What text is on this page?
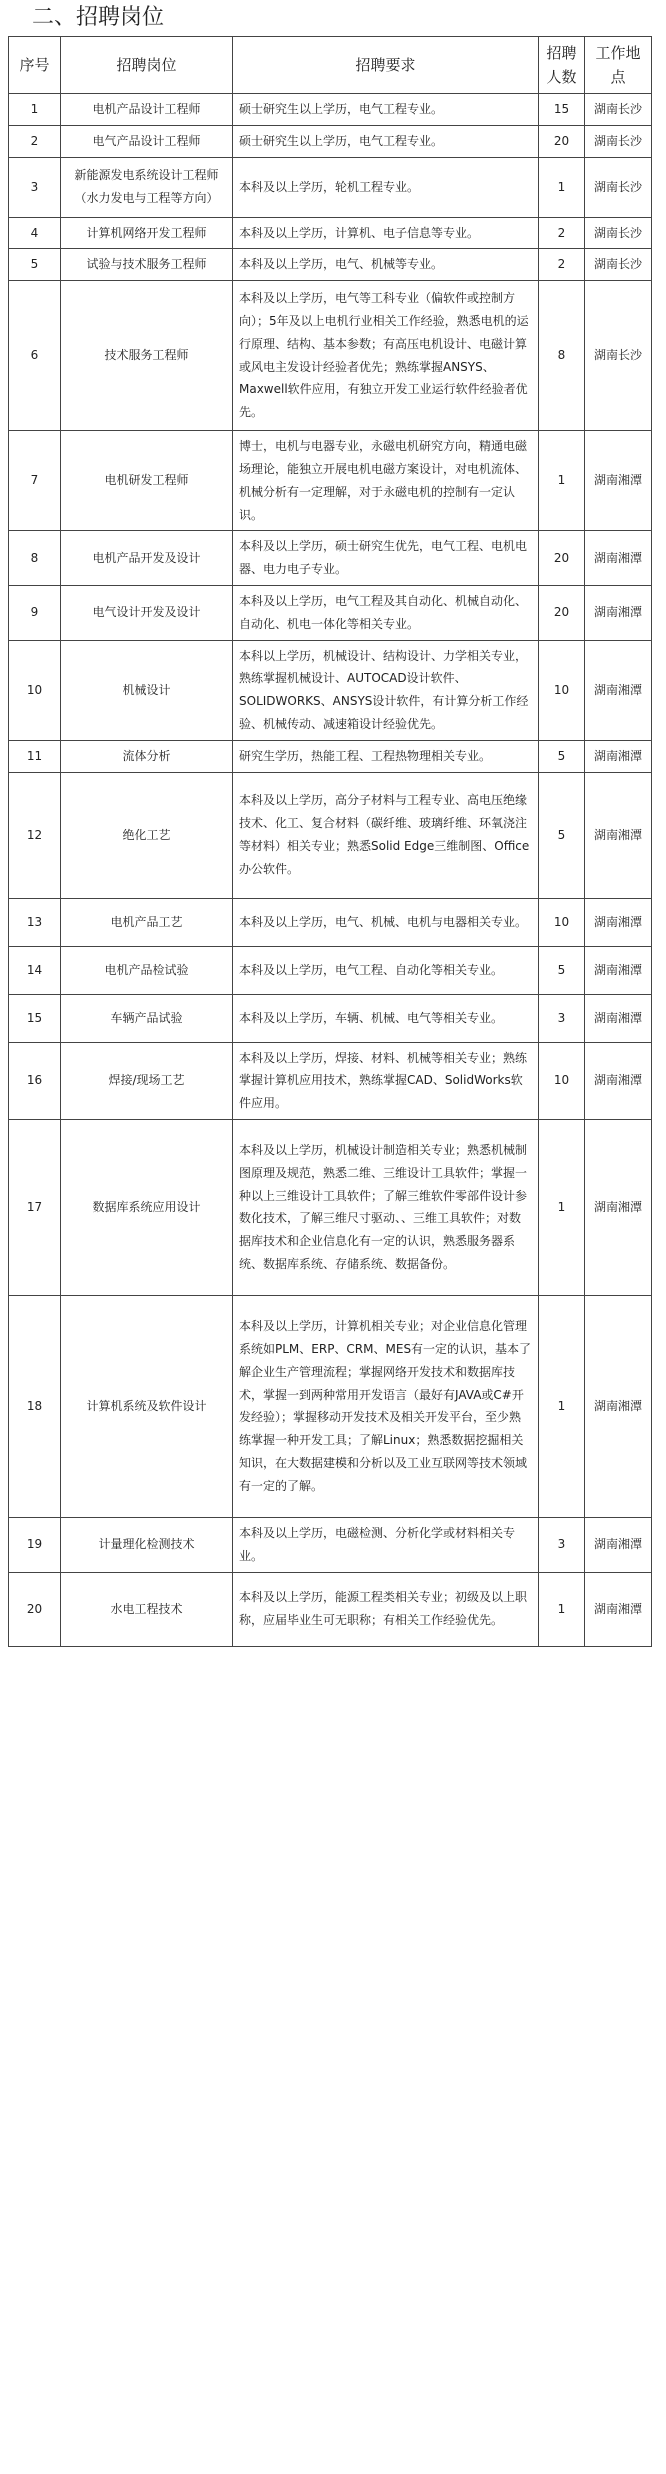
二、招聘岗位
序号	招聘岗位	招聘要求	招聘人数	工作地点
1	电机产品设计工程师	硕士研究生以上学历，电气工程专业。	15	湖南长沙
2	电气产品设计工程师	硕士研究生以上学历，电气工程专业。	20	湖南长沙
3	新能源发电系统设计工程师（水力发电与工程等方向）	本科及以上学历，轮机工程专业。	1	湖南长沙
4	计算机网络开发工程师	本科及以上学历，计算机、电子信息等专业。	2	湖南长沙
5	试验与技术服务工程师	本科及以上学历，电气、机械等专业。	2	湖南长沙
6	技术服务工程师	本科及以上学历，电气等工科专业（偏软件或控制方向）；5年及以上电机行业相关工作经验，熟悉电机的运行原理、结构、基本参数；有高压电机设计、电磁计算或风电主发设计经验者优先；熟练掌握ANSYS、Maxwell软件应用，有独立开发工业运行软件经验者优先。	8	湖南长沙
7	电机研发工程师	博士，电机与电器专业，永磁电机研究方向，精通电磁场理论，能独立开展电机电磁方案设计，对电机流体、机械分析有一定理解，对于永磁电机的控制有一定认识。	1	湖南湘潭
8	电机产品开发及设计	本科及以上学历，硕士研究生优先，电气工程、电机电器、电力电子专业。	20	湖南湘潭
9	电气设计开发及设计	本科及以上学历，电气工程及其自动化、机械自动化、自动化、机电一体化等相关专业。	20	湖南湘潭
10	机械设计	本科以上学历，机械设计、结构设计、力学相关专业，熟练掌握机械设计、AUTOCAD设计软件、SOLIDWORKS、ANSYS设计软件，有计算分析工作经验、机械传动、减速箱设计经验优先。	10	湖南湘潭
11	流体分析	研究生学历，热能工程、工程热物理相关专业。	5	湖南湘潭
12	绝化工艺	本科及以上学历，高分子材料与工程专业、高电压绝缘技术、化工、复合材料（碳纤维、玻璃纤维、环氧浇注等材料）相关专业；熟悉Solid Edge三维制图、Office办公软件。	5	湖南湘潭
13	电机产品工艺	本科及以上学历，电气、机械、电机与电器相关专业。	10	湖南湘潭
14	电机产品检试验	本科及以上学历，电气工程、自动化等相关专业。	5	湖南湘潭
15	车辆产品试验	本科及以上学历，车辆、机械、电气等相关专业。	3	湖南湘潭
16	焊接/现场工艺	本科及以上学历，焊接、材料、机械等相关专业；熟练掌握计算机应用技术，熟练掌握CAD、SolidWorks软件应用。	10	湖南湘潭
17	数据库系统应用设计	本科及以上学历，机械设计制造相关专业；熟悉机械制图原理及规范，熟悉二维、三维设计工具软件；掌握一种以上三维设计工具软件；了解三维软件零部件设计参数化技术，了解三维尺寸驱动、、三维工具软件；对数据库技术和企业信息化有一定的认识，熟悉服务器系统、数据库系统、存储系统、数据备份。	1	湖南湘潭
18	计算机系统及软件设计	本科及以上学历，计算机相关专业；对企业信息化管理系统如PLM、ERP、CRM、MES有一定的认识，基本了解企业生产管理流程；掌握网络开发技术和数据库技术，掌握一到两种常用开发语言（最好有JAVA或C#开发经验）；掌握移动开发技术及相关开发平台，至少熟练掌握一种开发工具；了解Linux；熟悉数据挖掘相关知识，在大数据建模和分析以及工业互联网等技术领域有一定的了解。	1	湖南湘潭
19	计量理化检测技术	本科及以上学历，电磁检测、分析化学或材料相关专业。	3	湖南湘潭
20	水电工程技术	本科及以上学历，能源工程类相关专业；初级及以上职称，应届毕业生可无职称；有相关工作经验优先。	1	湖南湘潭
